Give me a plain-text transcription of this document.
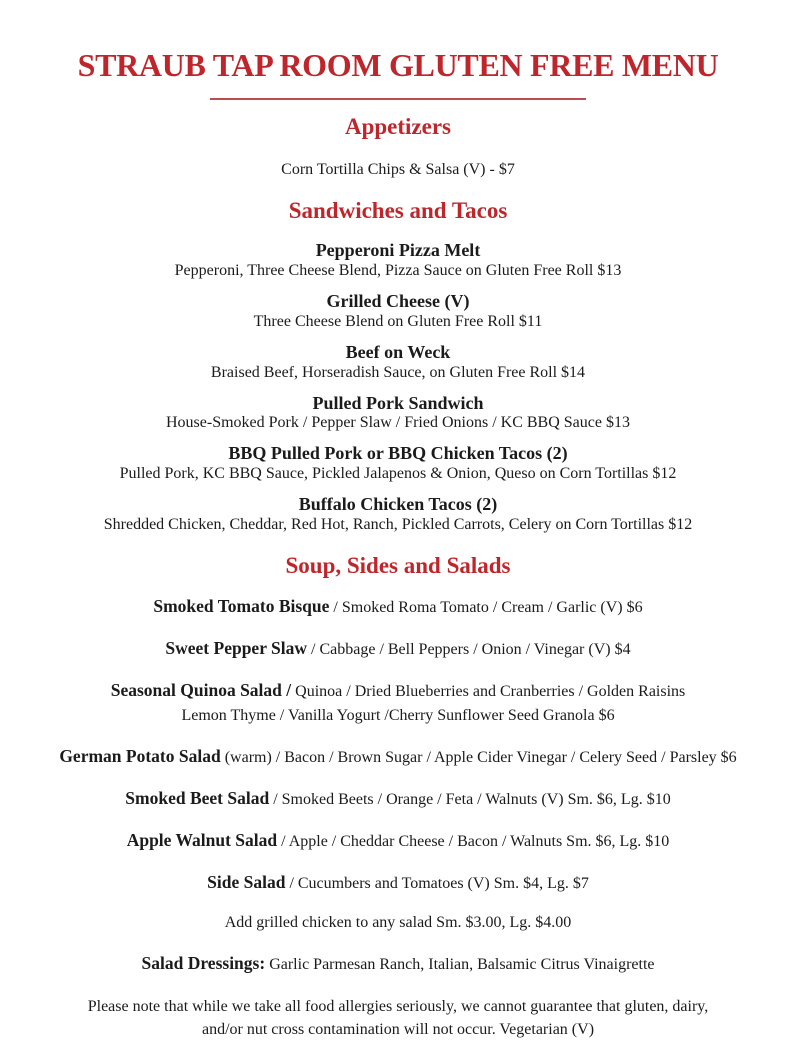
STRAUB TAP ROOM GLUTEN FREE MENU
Appetizers

Corn Tortilla Chips & Salsa (V) - $7

Sandwiches and Tacos
Pepperoni Pizza Melt
Pepperoni, Three Cheese Blend, Pizza Sauce on Gluten Free Roll $13
Grilled Cheese (V)
Three Cheese Blend on Gluten Free Roll $11
Beef on Weck
Braised Beef, Horseradish Sauce, on Gluten Free Roll $14
Pulled Pork Sandwich
House-Smoked Pork / Pepper Slaw / Fried Onions / KC BBQ Sauce $13
BBQ Pulled Pork or BBQ Chicken Tacos (2)
Pulled Pork, KC BBQ Sauce, Pickled Jalapenos & Onion, Queso on Corn Tortillas $12
Buffalo Chicken Tacos (2)
Shredded Chicken, Cheddar, Red Hot, Ranch, Pickled Carrots, Celery on Corn Tortillas $12
Soup, Sides and Salads

Smoked Tomato Bisque / Smoked Roma Tomato / Cream / Garlic (V) $6

Sweet Pepper Slaw / Cabbage / Bell Peppers / Onion / Vinegar (V) $4

Seasonal Quinoa Salad / Quinoa / Dried Blueberries and Cranberries / Golden Raisins
Lemon Thyme / Vanilla Yogurt /Cherry Sunflower Seed Granola $6

German Potato Salad (warm) / Bacon / Brown Sugar / Apple Cider Vinegar / Celery Seed / Parsley $6

Smoked Beet Salad / Smoked Beets / Orange / Feta / Walnuts (V) Sm. $6, Lg. $10

Apple Walnut Salad / Apple / Cheddar Cheese / Bacon / Walnuts Sm. $6, Lg. $10

Side Salad / Cucumbers and Tomatoes (V) Sm. $4, Lg. $7

Add grilled chicken to any salad Sm. $3.00, Lg. $4.00

Salad Dressings: Garlic Parmesan Ranch, Italian, Balsamic Citrus Vinaigrette

Please note that while we take all food allergies seriously, we cannot guarantee that gluten, dairy,
and/or nut cross contamination will not occur. Vegetarian (V)
